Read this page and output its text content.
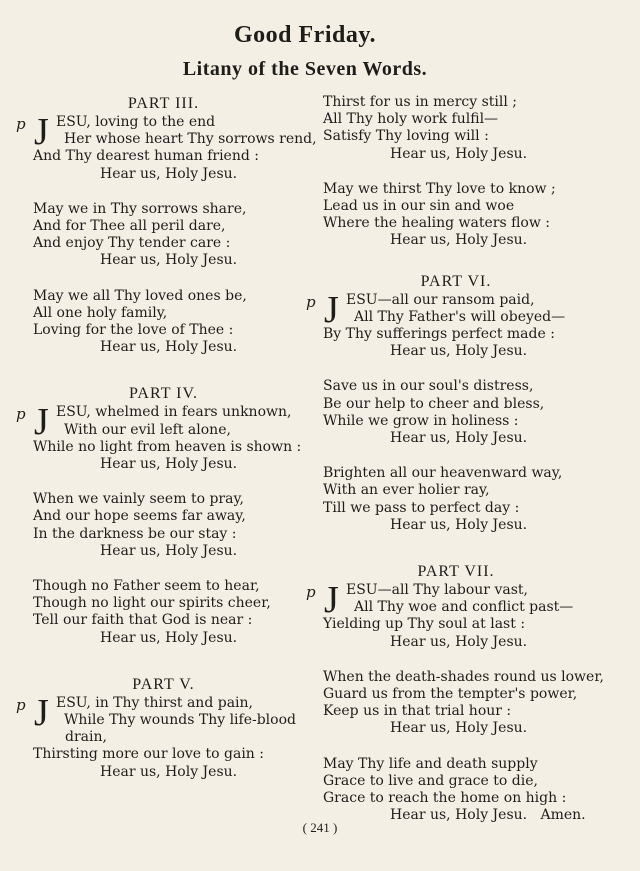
Good Friday.
Litany of the Seven Words.
PART III.
p J ESU, loving to the end
Her whose heart Thy sorrows rend,
And Thy dearest human friend :
Hear us, Holy Jesu.
May we in Thy sorrows share,
And for Thee all peril dare,
And enjoy Thy tender care :
Hear us, Holy Jesu.
May we all Thy loved ones be,
All one holy family,
Loving for the love of Thee :
Hear us, Holy Jesu.
PART IV.
p J ESU, whelmed in fears unknown,
With our evil left alone,
While no light from heaven is shown :
Hear us, Holy Jesu.
When we vainly seem to pray,
And our hope seems far away,
In the darkness be our stay :
Hear us, Holy Jesu.
Though no Father seem to hear,
Though no light our spirits cheer,
Tell our faith that God is near :
Hear us, Holy Jesu.
PART V.
p J ESU, in Thy thirst and pain,
While Thy wounds Thy life-blood
drain,
Thirsting more our love to gain :
Hear us, Holy Jesu.
Thirst for us in mercy still ;
All Thy holy work fulfil—
Satisfy Thy loving will :
Hear us, Holy Jesu.
May we thirst Thy love to know ;
Lead us in our sin and woe
Where the healing waters flow :
Hear us, Holy Jesu.
PART VI.
p J ESU—all our ransom paid,
All Thy Father's will obeyed—
By Thy sufferings perfect made :
Hear us, Holy Jesu.
Save us in our soul's distress,
Be our help to cheer and bless,
While we grow in holiness :
Hear us, Holy Jesu.
Brighten all our heavenward way,
With an ever holier ray,
Till we pass to perfect day :
Hear us, Holy Jesu.
PART VII.
p J ESU—all Thy labour vast,
All Thy woe and conflict past—
Yielding up Thy soul at last :
Hear us, Holy Jesu.
When the death-shades round us lower,
Guard us from the tempter's power,
Keep us in that trial hour :
Hear us, Holy Jesu.
May Thy life and death supply
Grace to live and grace to die,
Grace to reach the home on high :
Hear us, Holy Jesu.   Amen.
( 241 )
